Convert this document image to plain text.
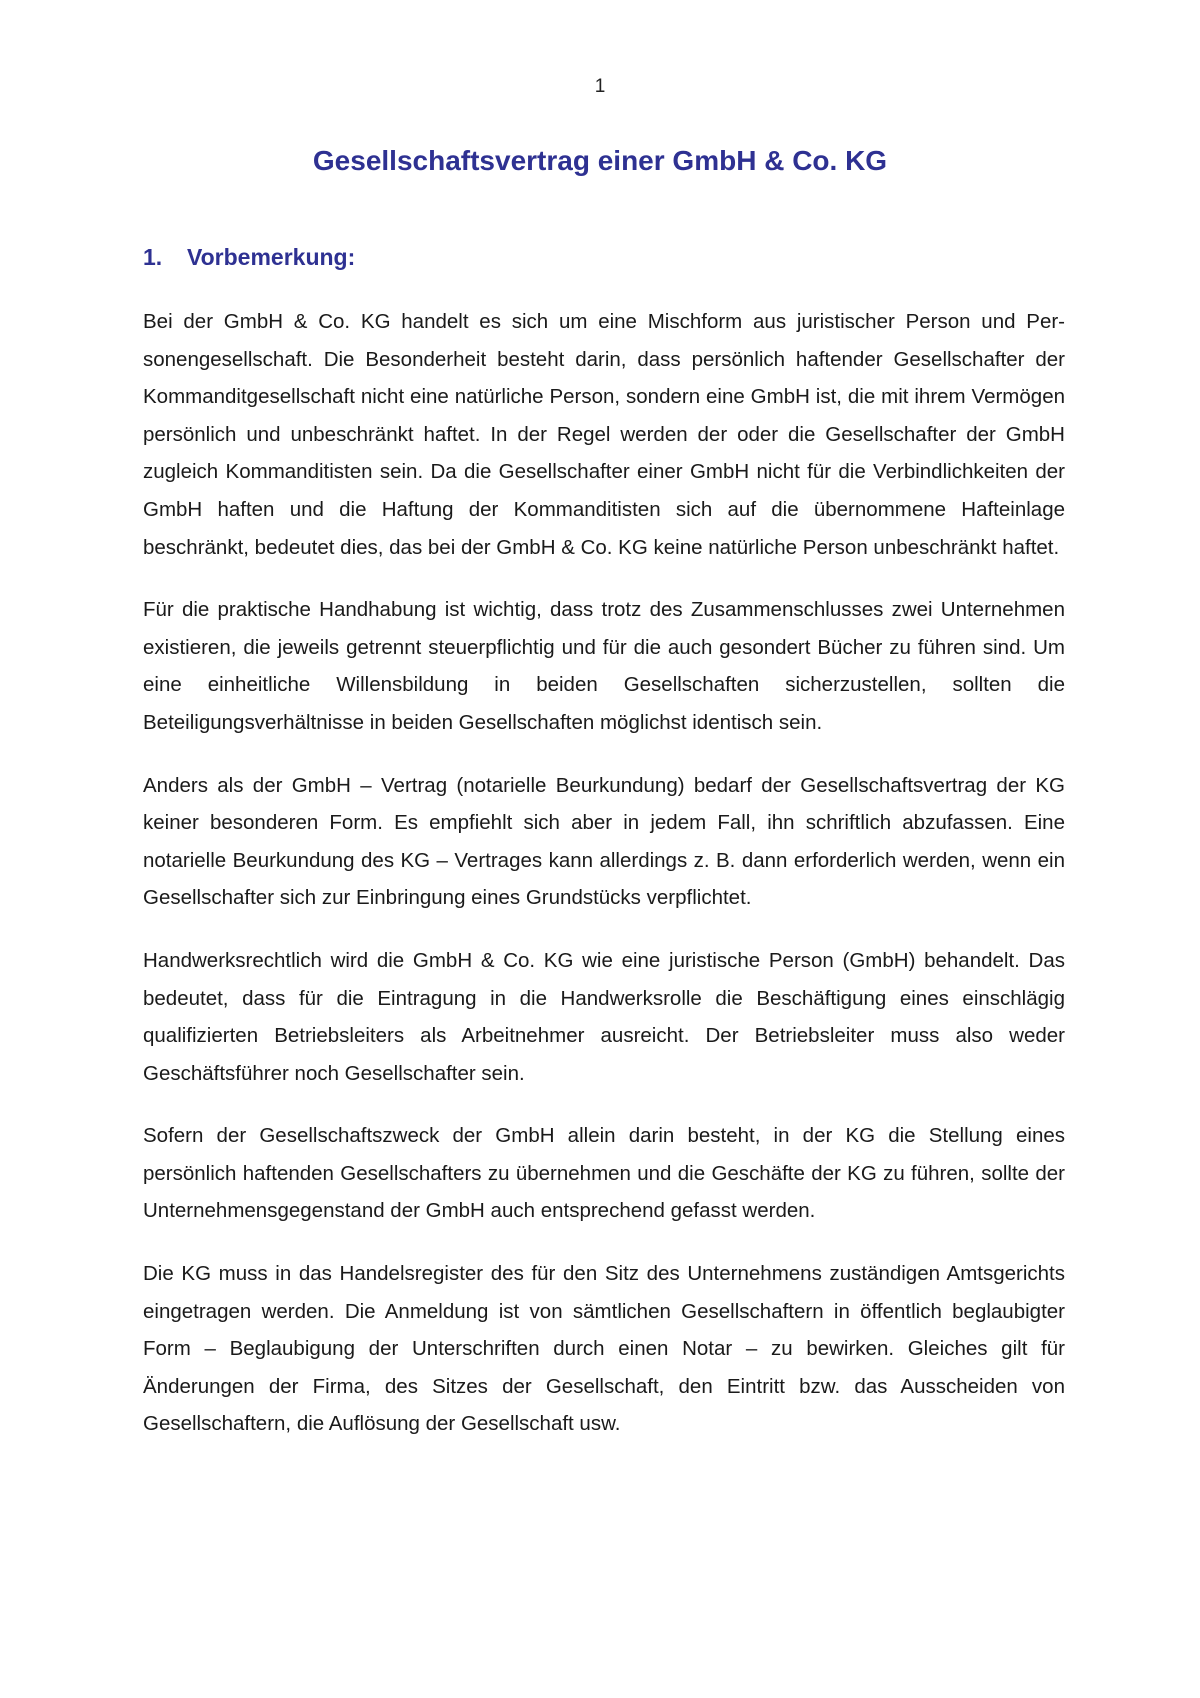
1
Gesellschaftsvertrag einer GmbH & Co. KG
1. Vorbemerkung:

Bei der GmbH & Co. KG handelt es sich um eine Mischform aus juristischer Person und Personengesellschaft. Die Besonderheit besteht darin, dass persönlich haftender Gesellschafter der Kommanditgesellschaft nicht eine natürliche Person, sondern eine GmbH ist, die mit ihrem Vermögen persönlich und unbeschränkt haftet. In der Regel werden der oder die Gesellschafter der GmbH zugleich Kommanditisten sein. Da die Gesellschafter einer GmbH nicht für die Verbindlichkeiten der GmbH haften und die Haftung der Kommanditisten sich auf die übernommene Hafteinlage beschränkt, bedeutet dies, das bei der GmbH & Co. KG keine natürliche Person unbeschränkt haftet.

Für die praktische Handhabung ist wichtig, dass trotz des Zusammenschlusses zwei Unternehmen existieren, die jeweils getrennt steuerpflichtig und für die auch gesondert Bücher zu führen sind. Um eine einheitliche Willensbildung in beiden Gesellschaften sicherzustellen, sollten die Beteiligungsverhältnisse in beiden Gesellschaften möglichst identisch sein.

Anders als der GmbH – Vertrag (notarielle Beurkundung) bedarf der Gesellschaftsvertrag der KG keiner besonderen Form. Es empfiehlt sich aber in jedem Fall, ihn schriftlich abzufassen. Eine notarielle Beurkundung des KG – Vertrages kann allerdings z. B. dann erforderlich werden, wenn ein Gesellschafter sich zur Einbringung eines Grundstücks verpflichtet.

Handwerksrechtlich wird die GmbH & Co. KG wie eine juristische Person (GmbH) behandelt. Das bedeutet, dass für die Eintragung in die Handwerksrolle die Beschäftigung eines einschlägig qualifizierten Betriebsleiters als Arbeitnehmer ausreicht. Der Betriebsleiter muss also weder Geschäftsführer noch Gesellschafter sein.

Sofern der Gesellschaftszweck der GmbH allein darin besteht, in der KG die Stellung eines persönlich haftenden Gesellschafters zu übernehmen und die Geschäfte der KG zu führen, sollte der Unternehmensgegenstand der GmbH auch entsprechend gefasst werden.

Die KG muss in das Handelsregister des für den Sitz des Unternehmens zuständigen Amtsgerichts eingetragen werden. Die Anmeldung ist von sämtlichen Gesellschaftern in öffentlich beglaubigter Form – Beglaubigung der Unterschriften durch einen Notar – zu bewirken. Gleiches gilt für Änderungen der Firma, des Sitzes der Gesellschaft, den Eintritt bzw. das Ausscheiden von Gesellschaftern, die Auflösung der Gesellschaft usw.
